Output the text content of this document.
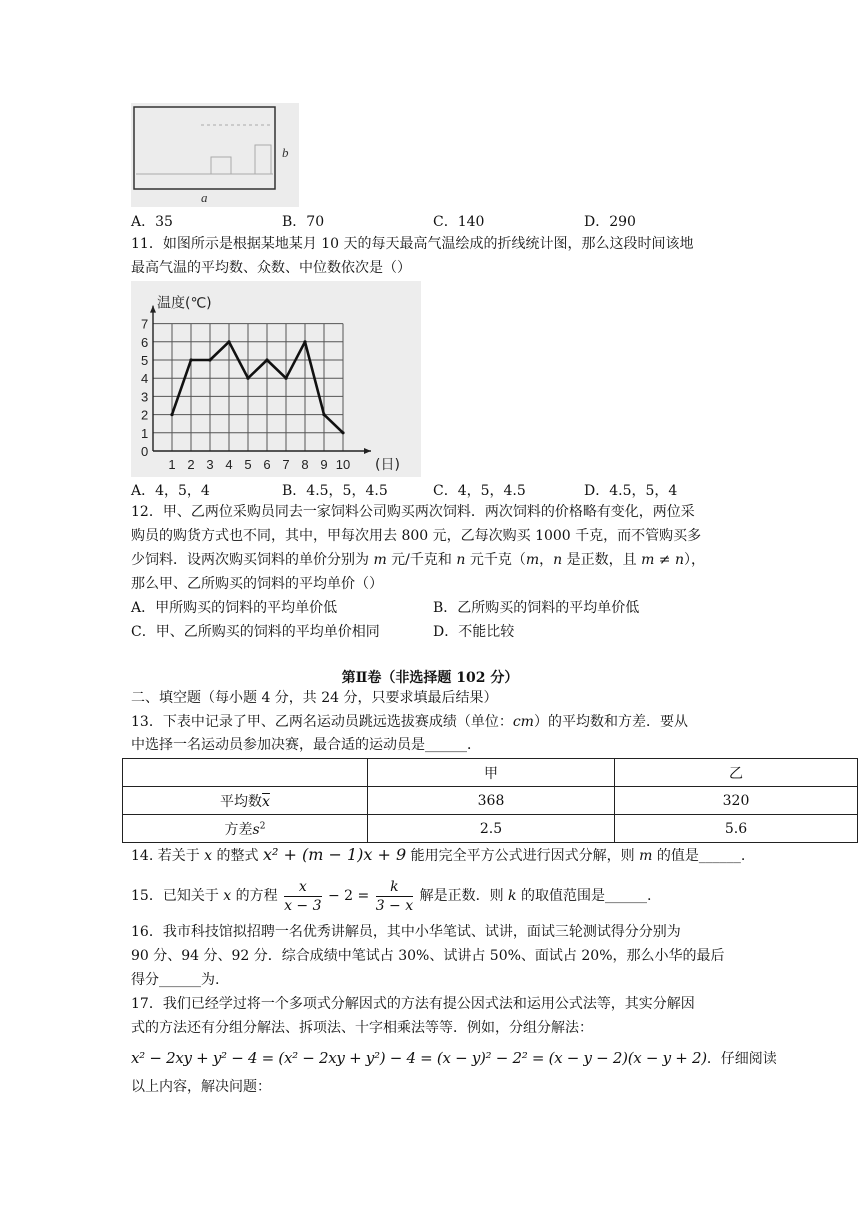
a
b
A．35	B．70	C．140	D．290
11．如图所示是根据某地某月 10 天的每天最高气温绘成的折线统计图，那么这段时间该地
最高气温的平均数、众数、中位数依次是（）
0
1
2
3
4
5
6
7
1 2 3 4 5 6 7 8 9 10
温度(℃)
(日)
A．4，5，4	B．4.5，5，4.5	C．4，5，4.5	D．4.5，5，4
12．甲、乙两位采购员同去一家饲料公司购买两次饲料．两次饲料的价格略有变化，两位采
购员的购货方式也不同，其中，甲每次用去 800 元，乙每次购买 1000 千克，而不管购买多
少饲料．设两次购买饲料的单价分别为 m 元/千克和 n 元千克（m，n 是正数，且 m ≠ n），
那么甲、乙所购买的饲料的平均单价（）
A．甲所购买的饲料的平均单价低	B．乙所购买的饲料的平均单价低
C．甲、乙所购买的饲料的平均单价相同	D．不能比较
第Ⅱ卷（非选择题 102 分）
二、填空题（每小题 4 分，共 24 分，只要求填最后结果）
13．下表中记录了甲、乙两名运动员跳远选拔赛成绩（单位：cm）的平均数和方差．要从
中选择一名运动员参加决赛，最合适的运动员是______．
	甲	乙
平均数$\overline{x}$	368	320
方差$s^2$	2.5	5.6
14. 若关于 x 的整式 x² + (m − 1)x + 9 能用完全平方公式进行因式分解，则 m 的值是______.
15．已知关于 x 的方程 $\frac{x}{x - 3} - 2 = \frac{k}{3 - x}$ 解是正数．则 k 的取值范围是______.
16．我市科技馆拟招聘一名优秀讲解员，其中小华笔试、试讲，面试三轮测试得分分别为
90 分、94 分、92 分．综合成绩中笔试占 30%、试讲占 50%、面试占 20%，那么小华的最后
得分______为.
17．我们已经学过将一个多项式分解因式的方法有提公因式法和运用公式法等，其实分解因
式的方法还有分组分解法、拆项法、十字相乘法等等．例如，分组分解法：
x² − 2xy + y² − 4 = (x² − 2xy + y²) − 4 = (x − y)² − 2² = (x − y − 2)(x − y + 2)．仔细阅读
以上内容，解决问题：
